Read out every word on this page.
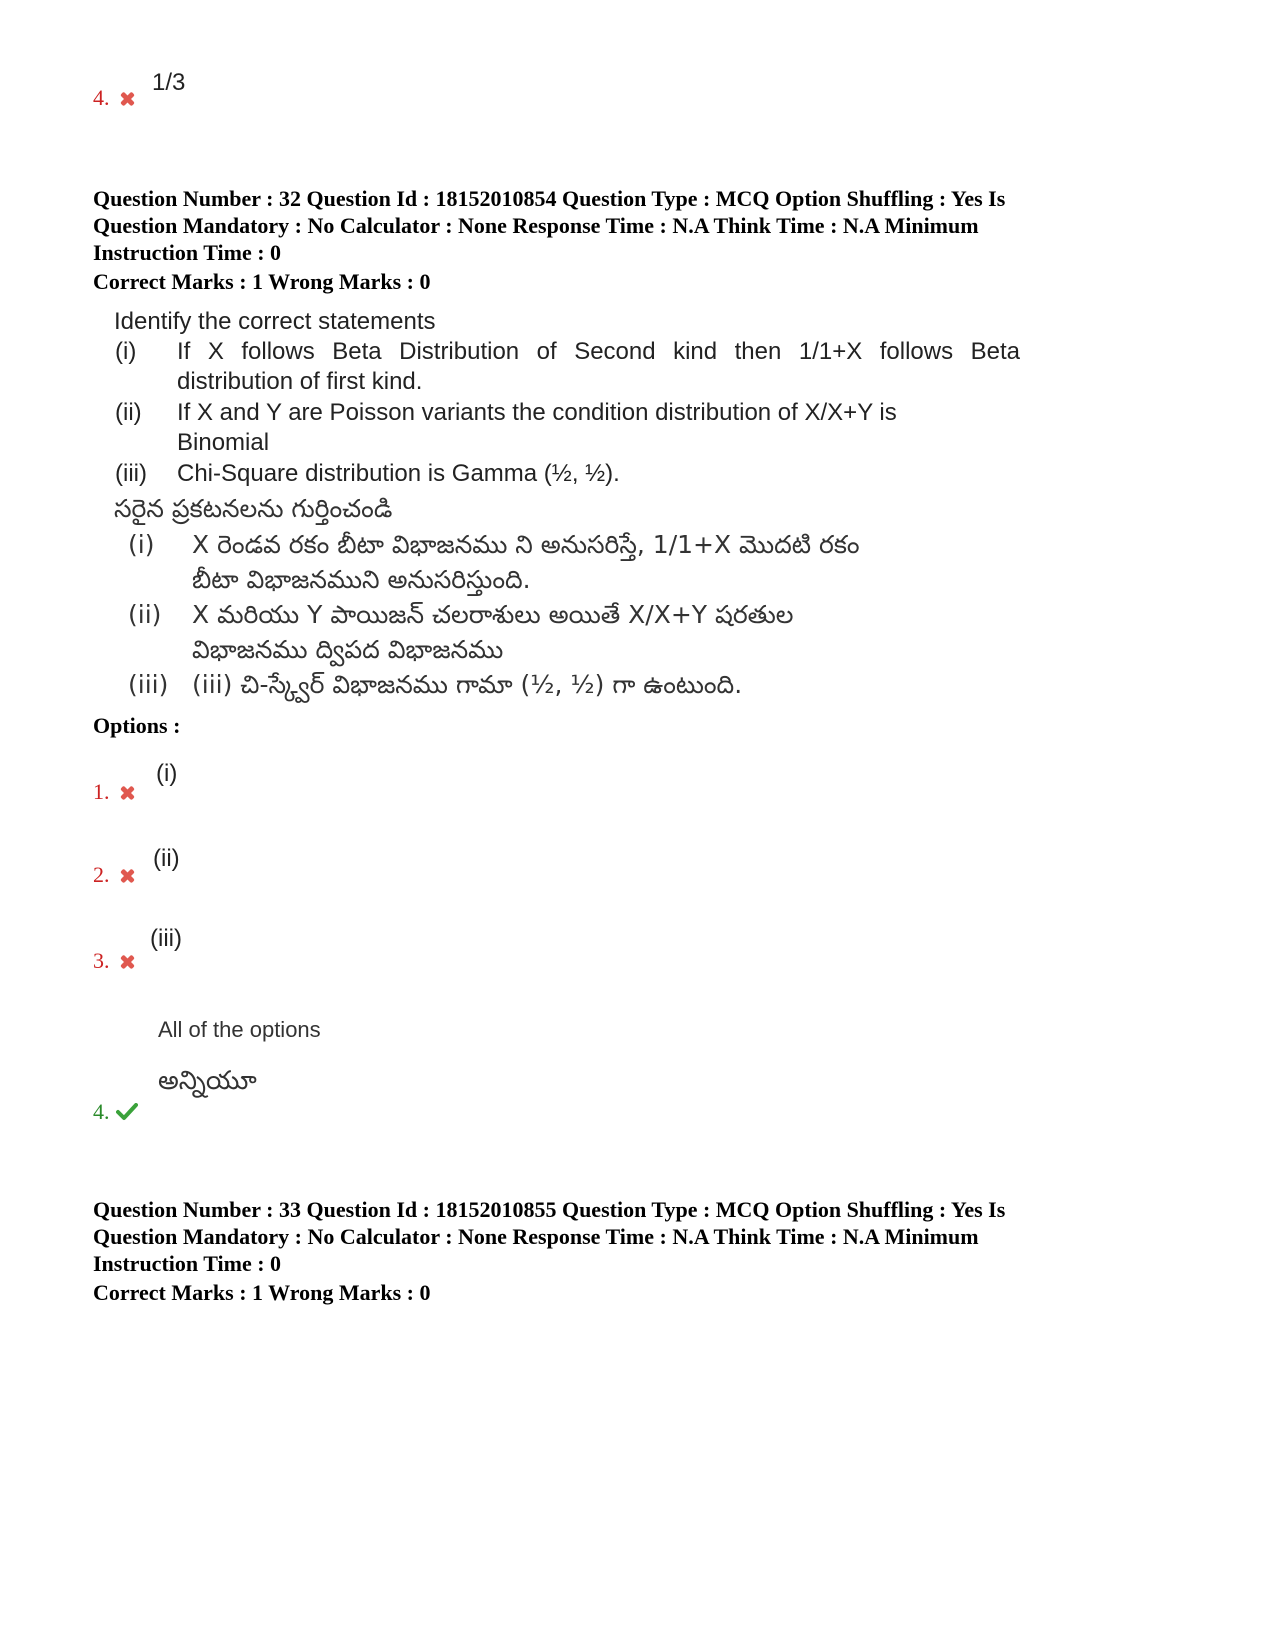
4.
1/3
Question Number : 32 Question Id : 18152010854 Question Type : MCQ Option Shuffling : Yes Is
Question Mandatory : No Calculator : None Response Time : N.A Think Time : N.A Minimum
Instruction Time : 0
Correct Marks : 1 Wrong Marks : 0
Identify the correct statements
(i) If X follows Beta Distribution of Second kind then 1/1+X follows Beta
distribution of first kind.
(ii) If X and Y are Poisson variants the condition distribution of X/X+Y is
Binomial
(iii) Chi-Square distribution is Gamma (½, ½).
సరైన ప్రకటనలను గుర్తించండి
(i) X రెండవ రకం బీటా విభాజనము ని అనుసరిస్తే, 1/1+X మొదటి రకం
బీటా విభాజనముని అనుసరిస్తుంది.
(ii) X మరియు Y పాయిజన్ చలరాశులు అయితే X/X+Y షరతుల
విభాజనము ద్విపద విభాజనము
(iii) (iii) చి-స్క్వేర్ విభాజనము గామా (½, ½) గా ఉంటుంది.
Options :
1.
(i)
2.
(ii)
3.
(iii)
All of the options
అన్నియూ
4.
Question Number : 33 Question Id : 18152010855 Question Type : MCQ Option Shuffling : Yes Is
Question Mandatory : No Calculator : None Response Time : N.A Think Time : N.A Minimum
Instruction Time : 0
Correct Marks : 1 Wrong Marks : 0
